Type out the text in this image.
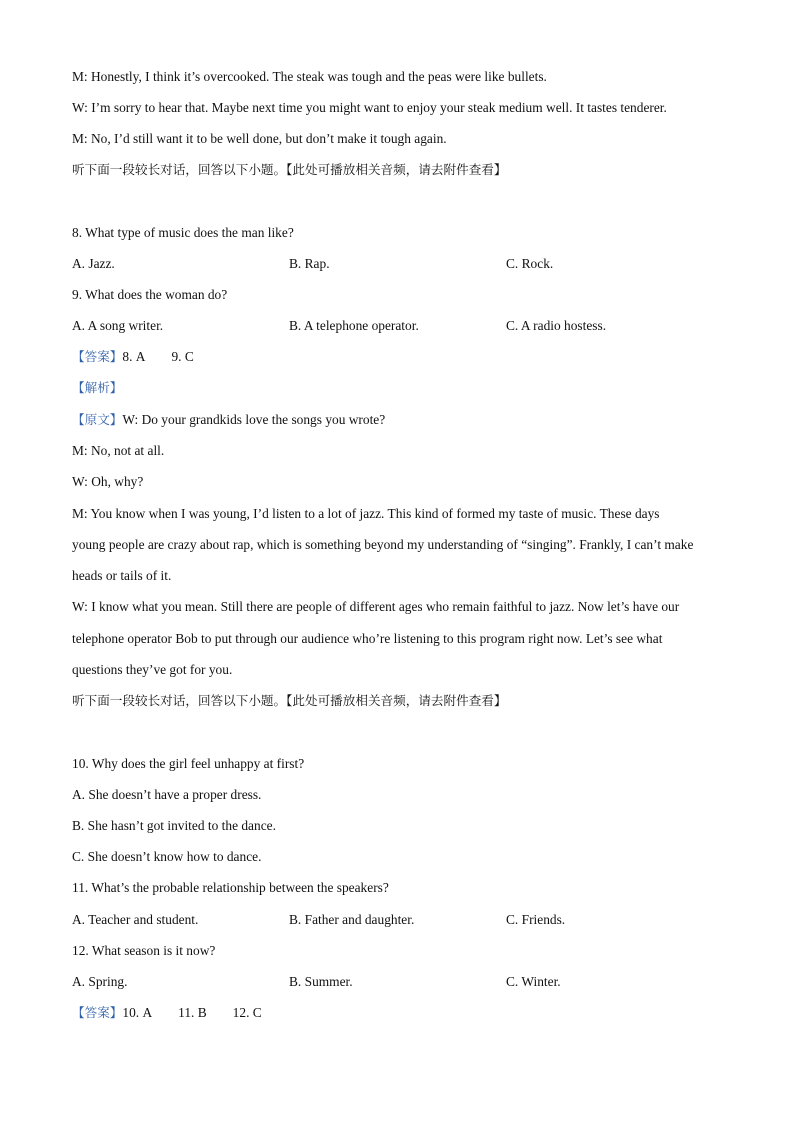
M: Honestly, I think it’s overcooked. The steak was tough and the peas were like bullets.
W: I’m sorry to hear that. Maybe next time you might want to enjoy your steak medium well. It tastes tenderer.
M: No, I’d still want it to be well done, but don’t make it tough again.
听下面一段较长对话，回答以下小题。【此处可播放相关音频，请去附件查看】
8. What type of music does the man like?
A. Jazz.	B. Rap.	C. Rock.
9. What does the woman do?
A. A song writer.	B. A telephone operator.	C. A radio hostess.
【答案】8. A 9. C
【解析】
【原文】W: Do your grandkids love the songs you wrote?
M: No, not at all.
W: Oh, why?
M: You know when I was young, I’d listen to a lot of jazz. This kind of formed my taste of music. These days
young people are crazy about rap, which is something beyond my understanding of “singing”. Frankly, I can’t make
heads or tails of it.
W: I know what you mean. Still there are people of different ages who remain faithful to jazz. Now let’s have our
telephone operator Bob to put through our audience who’re listening to this program right now. Let’s see what
questions they’ve got for you.
听下面一段较长对话，回答以下小题。【此处可播放相关音频，请去附件查看】
10. Why does the girl feel unhappy at first?
A. She doesn’t have a proper dress.
B. She hasn’t got invited to the dance.
C. She doesn’t know how to dance.
11. What’s the probable relationship between the speakers?
A. Teacher and student.	B. Father and daughter.	C. Friends.
12. What season is it now?
A. Spring.	B. Summer.	C. Winter.
【答案】10. A 11. B 12. C
